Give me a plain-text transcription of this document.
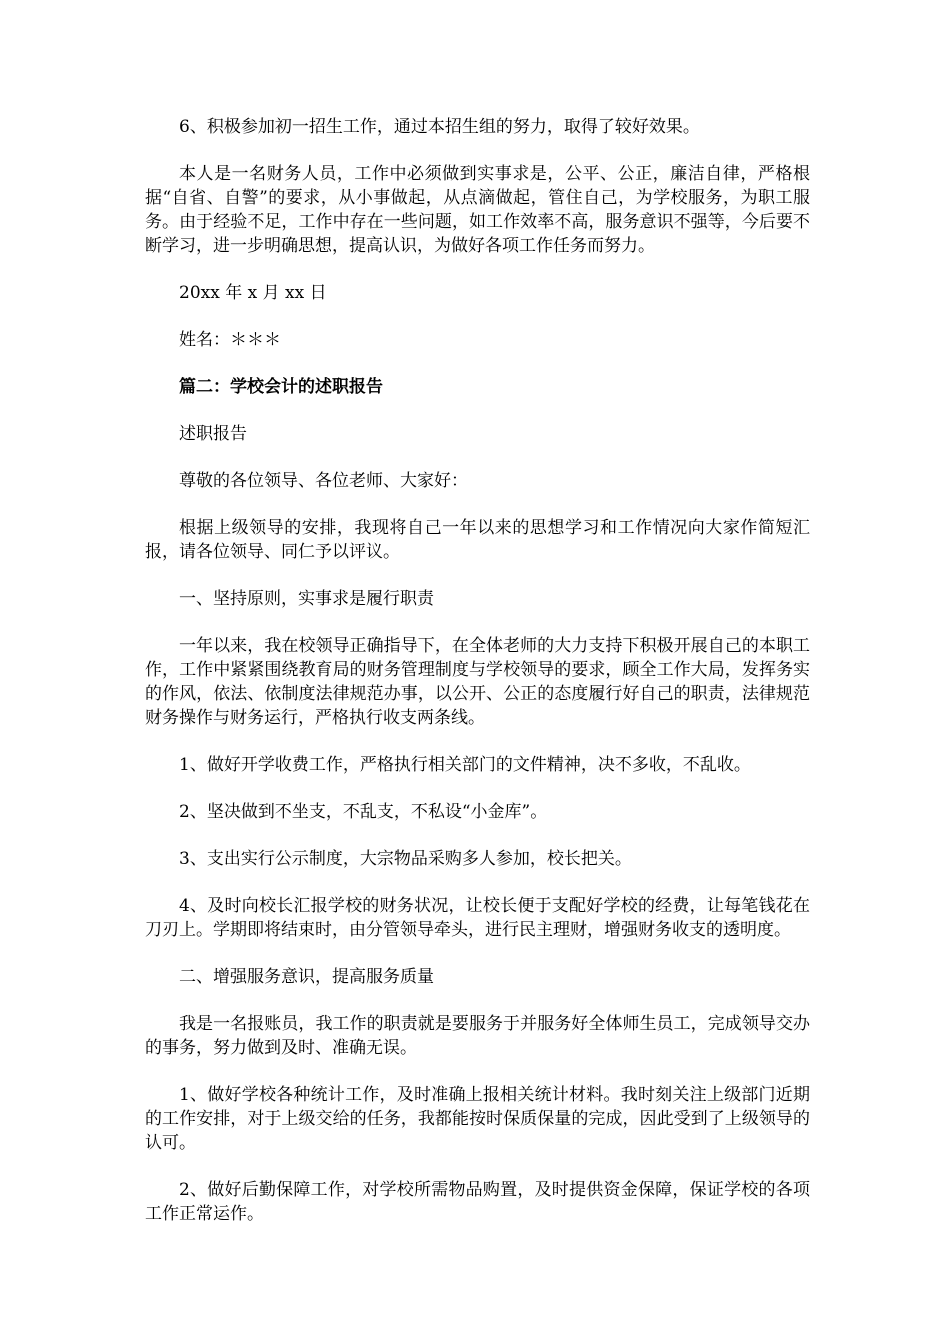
6、积极参加初一招生工作，通过本招生组的努力，取得了较好效果。

本人是一名财务人员，工作中必须做到实事求是，公平、公正，廉洁自律，严格根据“自省、自警”的要求，从小事做起，从点滴做起，管住自己，为学校服务，为职工服务。由于经验不足，工作中存在一些问题，如工作效率不高，服务意识不强等，今后要不断学习，进一步明确思想，提高认识，为做好各项工作任务而努力。

20xx 年 x 月 xx 日

姓名：＊＊＊

篇二：学校会计的述职报告

述职报告

尊敬的各位领导、各位老师、大家好：

根据上级领导的安排，我现将自己一年以来的思想学习和工作情况向大家作简短汇报，请各位领导、同仁予以评议。

一、坚持原则，实事求是履行职责

一年以来，我在校领导正确指导下，在全体老师的大力支持下积极开展自己的本职工作，工作中紧紧围绕教育局的财务管理制度与学校领导的要求，顾全工作大局，发挥务实的作风，依法、依制度法律规范办事，以公开、公正的态度履行好自己的职责，法律规范财务操作与财务运行，严格执行收支两条线。

1、做好开学收费工作，严格执行相关部门的文件精神，决不多收，不乱收。

2、坚决做到不坐支，不乱支，不私设“小金库”。

3、支出实行公示制度，大宗物品采购多人参加，校长把关。

4、及时向校长汇报学校的财务状况，让校长便于支配好学校的经费，让每笔钱花在刀刃上。学期即将结束时，由分管领导牵头，进行民主理财，增强财务收支的透明度。

二、增强服务意识，提高服务质量

我是一名报账员，我工作的职责就是要服务于并服务好全体师生员工，完成领导交办的事务，努力做到及时、准确无误。

1、做好学校各种统计工作，及时准确上报相关统计材料。我时刻关注上级部门近期的工作安排，对于上级交给的任务，我都能按时保质保量的完成，因此受到了上级领导的认可。

2、做好后勤保障工作，对学校所需物品购置，及时提供资金保障，保证学校的各项工作正常运作。
